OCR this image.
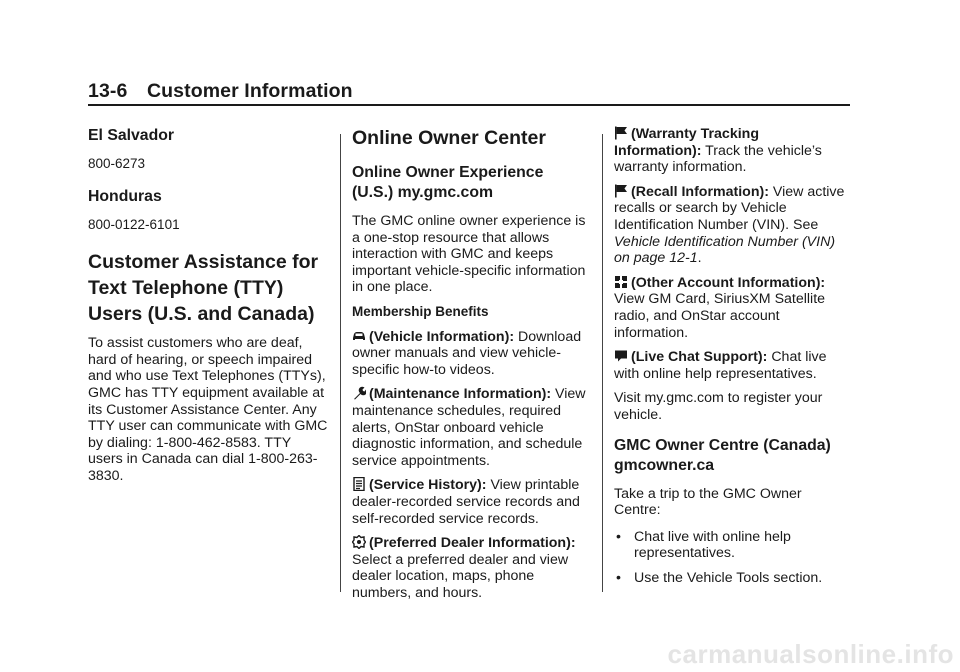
13-6 Customer Information
El Salvador
800-6273
Honduras
800-0122-6101
Customer Assistance for
Text Telephone (TTY)
Users (U.S. and Canada)
To assist customers who are deaf, hard of hearing, or speech impaired and who use Text Telephones (TTYs), GMC has TTY equipment available at its Customer Assistance Center. Any TTY user can communicate with GMC by dialing: 1-800-462-8583. TTY users in Canada can dial 1-800-263-3830.
Online Owner Center
Online Owner Experience
(U.S.) my.gmc.com
The GMC online owner experience is a one-stop resource that allows interaction with GMC and keeps important vehicle-specific information in one place.
Membership Benefits
(Vehicle Information): Download owner manuals and view vehicle-specific how-to videos.
(Maintenance Information): View maintenance schedules, required alerts, OnStar onboard vehicle diagnostic information, and schedule service appointments.
(Service History): View printable dealer-recorded service records and self-recorded service records.
(Preferred Dealer Information): Select a preferred dealer and view dealer location, maps, phone numbers, and hours.
(Warranty Tracking Information): Track the vehicle’s warranty information.
(Recall Information): View active recalls or search by Vehicle Identification Number (VIN). See Vehicle Identification Number (VIN) on page 12-1.
(Other Account Information): View GM Card, SiriusXM Satellite radio, and OnStar account information.
(Live Chat Support): Chat live with online help representatives.
Visit my.gmc.com to register your vehicle.
GMC Owner Centre (Canada)
gmcowner.ca
Take a trip to the GMC Owner Centre:
• Chat live with online help representatives.
• Use the Vehicle Tools section.
carmanualsonline.info
